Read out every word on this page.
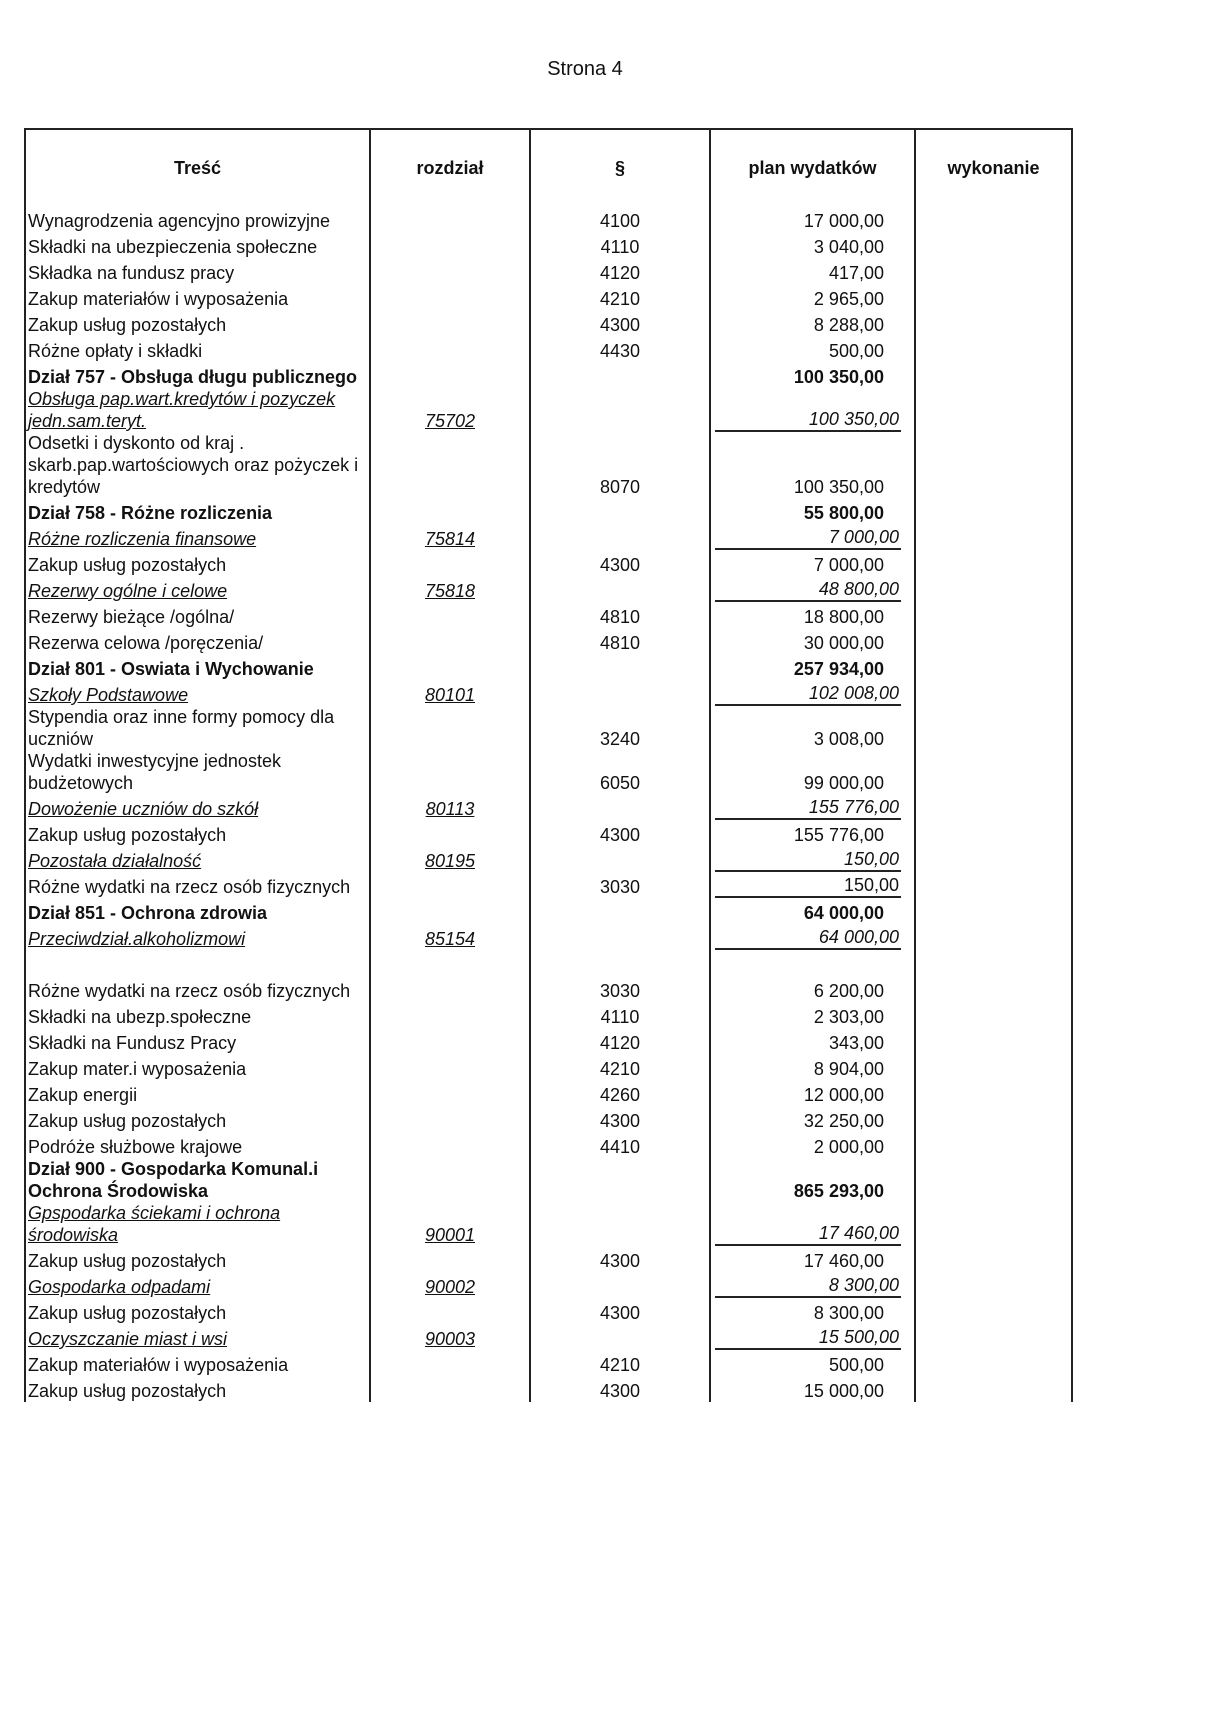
Strona 4
Treść	rozdział	§	plan wydatków	wykonanie
Wynagrodzenia agencyjno prowizyjne		4100	17 000,00	
Składki na ubezpieczenia społeczne		4110	3 040,00	
Składka na fundusz pracy		4120	417,00	
Zakup materiałów i wyposażenia		4210	2 965,00	
Zakup usług pozostałych		4300	8 288,00	
Różne opłaty i składki		4430	500,00	
Dział 757 - Obsługa długu publicznego			100 350,00	
Obsługa pap.wart.kredytów i pozyczek jedn.sam.teryt.	75702		100 350,00	
Odsetki i dyskonto od kraj . skarb.pap.wartościowych oraz pożyczek i kredytów		8070	100 350,00	
Dział 758 - Różne rozliczenia			55 800,00	
Różne rozliczenia finansowe	75814		7 000,00	
Zakup usług pozostałych		4300	7 000,00	
Rezerwy ogólne i celowe	75818		48 800,00	
Rezerwy bieżące /ogólna/		4810	18 800,00	
Rezerwa celowa /poręczenia/		4810	30 000,00	
Dział 801 - Oswiata i Wychowanie			257 934,00	
Szkoły Podstawowe	80101		102 008,00	
Stypendia oraz inne formy pomocy dla uczniów		3240	3 008,00	
Wydatki inwestycyjne jednostek budżetowych		6050	99 000,00	
Dowożenie uczniów do szkół	80113		155 776,00	
Zakup usług pozostałych		4300	155 776,00	
Pozostała działalność	80195		150,00	
Różne wydatki na rzecz osób fizycznych		3030	150,00	
Dział 851 - Ochrona zdrowia			64 000,00	
Przeciwdział.alkoholizmowi	85154		64 000,00	

Różne wydatki na rzecz osób fizycznych		3030	6 200,00	
Składki na ubezp.społeczne		4110	2 303,00	
Składki na Fundusz Pracy		4120	343,00	
Zakup mater.i wyposażenia		4210	8 904,00	
Zakup energii		4260	12 000,00	
Zakup usług pozostałych		4300	32 250,00	
Podróże służbowe krajowe		4410	2 000,00	
Dział 900 - Gospodarka Komunal.i Ochrona Środowiska			865 293,00	
Gpspodarka ściekami i ochrona środowiska	90001		17 460,00	
Zakup usług pozostałych		4300	17 460,00	
Gospodarka odpadami	90002		8 300,00	
Zakup usług pozostałych		4300	8 300,00	
Oczyszczanie miast i wsi	90003		15 500,00	
Zakup materiałów i wyposażenia		4210	500,00	
Zakup usług pozostałych		4300	15 000,00	
